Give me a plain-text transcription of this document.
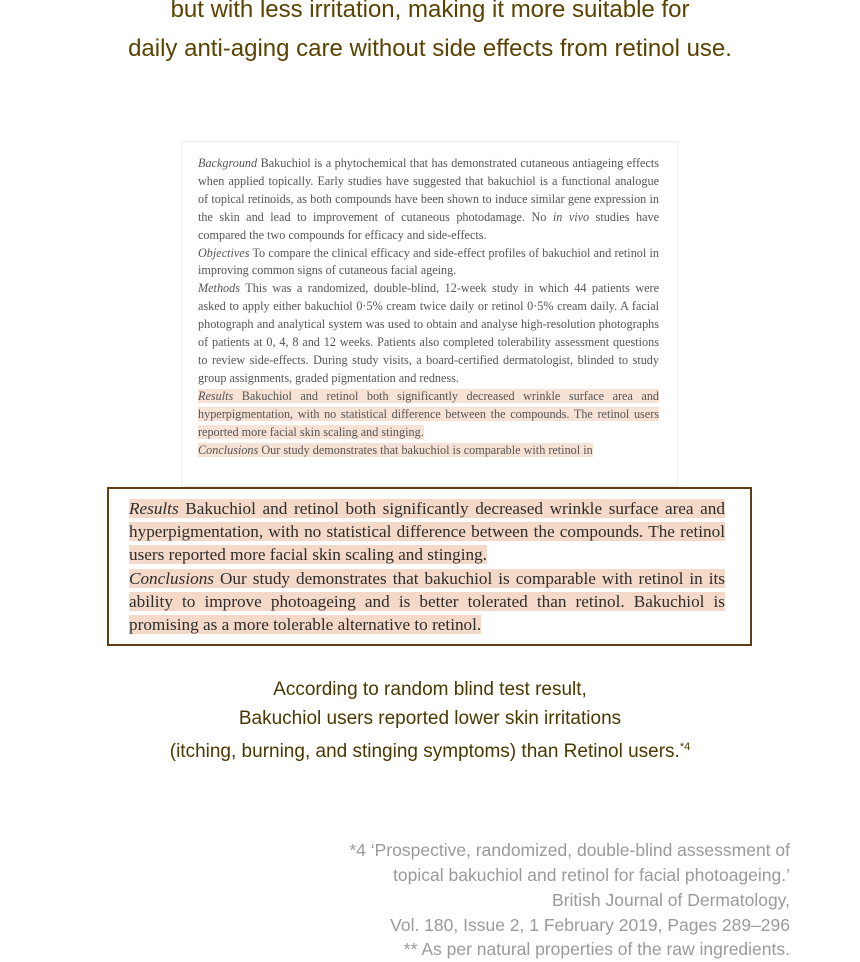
but with less irritation, making it more suitable for

daily anti-aging care without side effects from retinol use.

Background Bakuchiol is a phytochemical that has demonstrated cutaneous antiageing effects when applied topically. Early studies have suggested that bakuchiol is a functional analogue of topical retinoids, as both compounds have been shown to induce similar gene expression in the skin and lead to improvement of cutaneous photodamage. No in vivo studies have compared the two compounds for efficacy and side-effects.

Objectives To compare the clinical efficacy and side-effect profiles of bakuchiol and retinol in improving common signs of cutaneous facial ageing.

Methods This was a randomized, double-blind, 12-week study in which 44 patients were asked to apply either bakuchiol 0·5% cream twice daily or retinol 0·5% cream daily. A facial photograph and analytical system was used to obtain and analyse high-resolution photographs of patients at 0, 4, 8 and 12 weeks. Patients also completed tolerability assessment questions to review side-effects. During study visits, a board-certified dermatologist, blinded to study group assignments, graded pigmentation and redness.

Results Bakuchiol and retinol both significantly decreased wrinkle surface area and hyperpigmentation, with no statistical difference between the compounds. The retinol users reported more facial skin scaling and stinging.

Conclusions Our study demonstrates that bakuchiol is comparable with retinol in

Results Bakuchiol and retinol both significantly decreased wrinkle surface area and hyperpigmentation, with no statistical difference between the compounds. The retinol users reported more facial skin scaling and stinging.

Conclusions Our study demonstrates that bakuchiol is comparable with retinol in its ability to improve photoageing and is better tolerated than retinol. Bakuchiol is promising as a more tolerable alternative to retinol.

According to random blind test result,

Bakuchiol users reported lower skin irritations

(itching, burning, and stinging symptoms) than Retinol users.$^{*4}$

*4 ‘Prospective, randomized, double-blind assessment of

topical bakuchiol and retinol for facial photoageing.’

British Journal of Dermatology,

Vol. 180, Issue 2, 1 February 2019, Pages 289–296

** As per natural properties of the raw ingredients.
